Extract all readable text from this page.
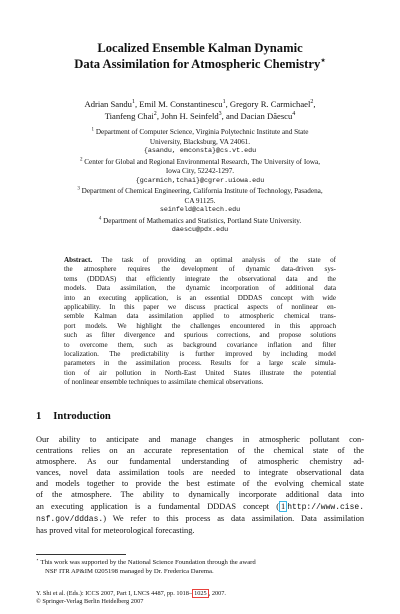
Localized Ensemble Kalman Dynamic
Data Assimilation for Atmospheric Chemistry⋆
Adrian Sandu$^1$, Emil M. Constantinescu$^1$, Gregory R. Carmichael$^2$,
Tianfeng Chai$^2$, John H. Seinfeld$^3$, and Dacian Dăescu$^4$
$^1$ Department of Computer Science, Virginia Polytechnic Institute and State
University, Blacksburg, VA 24061.
{asandu, emconsta}@cs.vt.edu
$^2$ Center for Global and Regional Environmental Research, The University of Iowa,
Iowa City, 52242-1297.
{gcarmich,tchai}@cgrer.uiowa.edu
$^3$ Department of Chemical Engineering, California Institute of Technology, Pasadena,
CA 91125.
seinfeld@caltech.edu
$^4$ Department of Mathematics and Statistics, Portland State University.
daescu@pdx.edu
Abstract. The task of providing an optimal analysis of the state of
the atmosphere requires the development of dynamic data-driven sys-
tems (DDDAS) that efficiently integrate the observational data and the
models. Data assimilation, the dynamic incorporation of additional data
into an executing application, is an essential DDDAS concept with wide
applicability. In this paper we discuss practical aspects of nonlinear en-
semble Kalman data assimilation applied to atmospheric chemical trans-
port models. We highlight the challenges encountered in this approach
such as filter divergence and spurious corrections, and propose solutions
to overcome them, such as background covariance inflation and filter
localization. The predictability is further improved by including model
parameters in the assimilation process. Results for a large scale simula-
tion of air pollution in North-East United States illustrate the potential
of nonlinear ensemble techniques to assimilate chemical observations.
1 Introduction
Our ability to anticipate and manage changes in atmospheric pollutant con-
centrations relies on an accurate representation of the chemical state of the
atmosphere. As our fundamental understanding of atmospheric chemistry ad-
vances, novel data assimilation tools are needed to integrate observational data
and models together to provide the best estimate of the evolving chemical state
of the atmosphere. The ability to dynamically incorporate additional data into
an executing application is a fundamental DDDAS concept ( 1 http://www.cise.
nsf.gov/dddas.) We refer to this process as data assimilation. Data assimilation
has proved vital for meteorological forecasting.
⋆ This work was supported by the National Science Foundation through the award
NSF ITR AP&IM 0205198 managed by Dr. Frederica Darema.
Y. Shi et al. (Eds.): ICCS 2007, Part I, LNCS 4487, pp. 1018– 1025 , 2007.
© Springer-Verlag Berlin Heidelberg 2007
